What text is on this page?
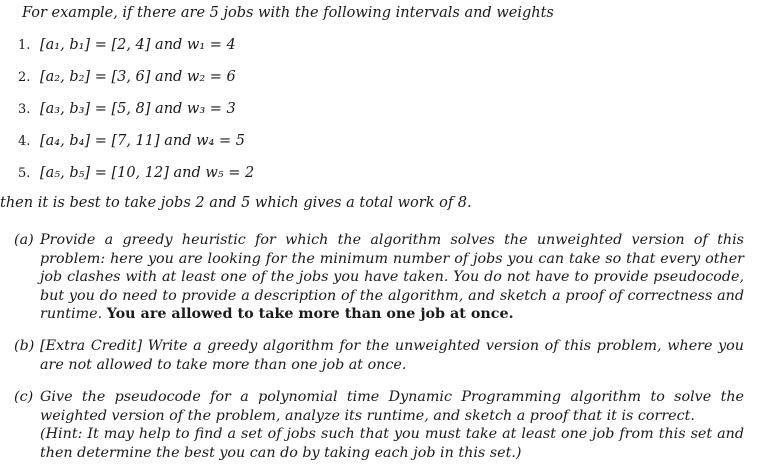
For example, if there are 5 jobs with the following intervals and weights
1. [a₁, b₁] = [2, 4] and w₁ = 4
2. [a₂, b₂] = [3, 6] and w₂ = 6
3. [a₃, b₃] = [5, 8] and w₃ = 3
4. [a₄, b₄] = [7, 11] and w₄ = 5
5. [a₅, b₅] = [10, 12] and w₅ = 2
then it is best to take jobs 2 and 5 which gives a total work of 8.
(a) Provide a greedy heuristic for which the algorithm solves the unweighted version of this problem: here you are looking for the minimum number of jobs you can take so that every other job clashes with at least one of the jobs you have taken. You do not have to provide pseudocode, but you do need to provide a description of the algorithm, and sketch a proof of correctness and runtime. You are allowed to take more than one job at once.
(b) [Extra Credit] Write a greedy algorithm for the unweighted version of this problem, where you are not allowed to take more than one job at once.
(c) Give the pseudocode for a polynomial time Dynamic Programming algorithm to solve the weighted version of the problem, analyze its runtime, and sketch a proof that it is correct.
(Hint: It may help to find a set of jobs such that you must take at least one job from this set and then determine the best you can do by taking each job in this set.)
